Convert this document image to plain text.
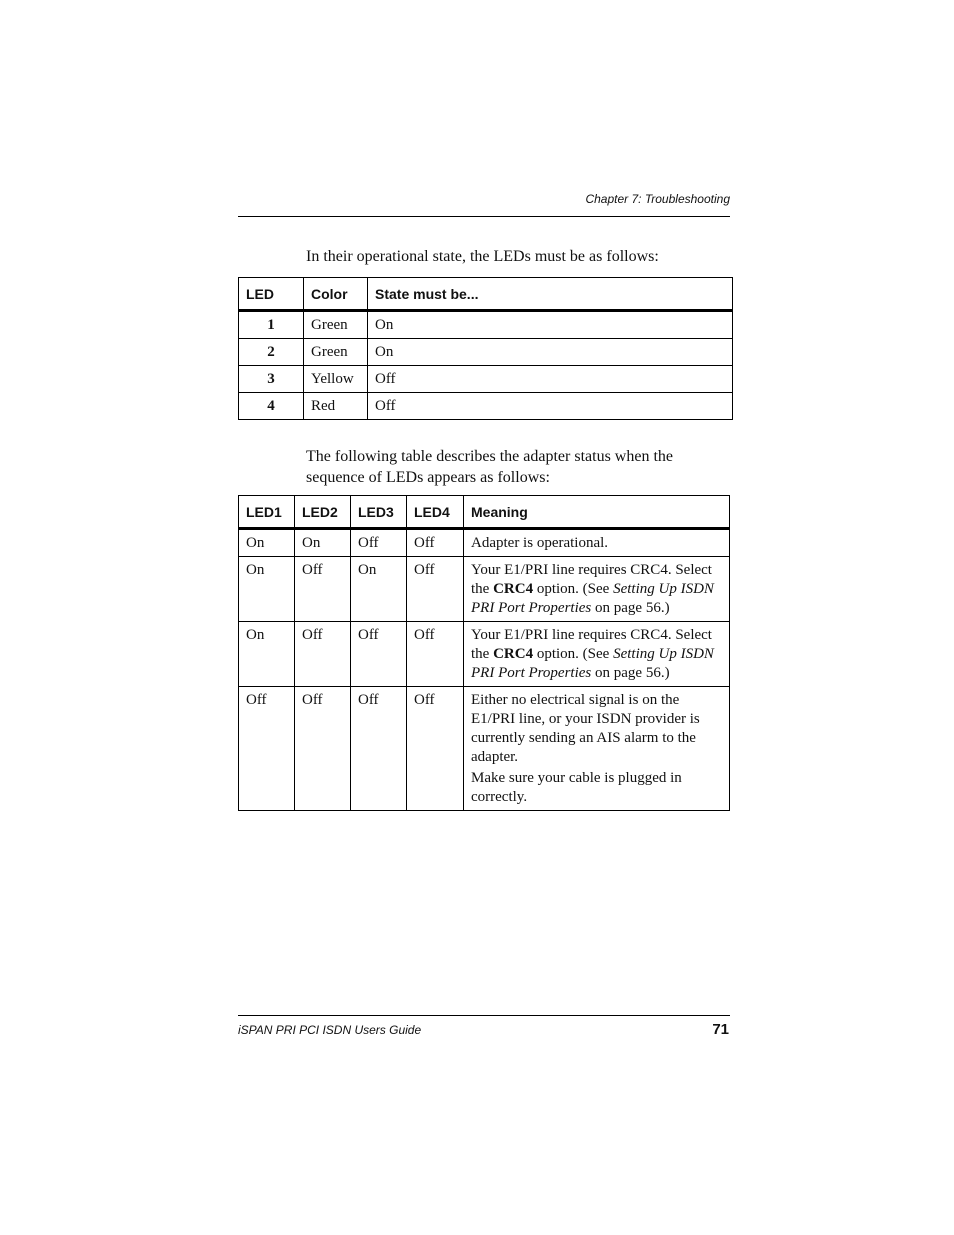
Chapter 7: Troubleshooting
In their operational state, the LEDs must be as follows:
LED	Color	State must be...
1	Green	On
2	Green	On
3	Yellow	Off
4	Red	Off
The following table describes the adapter status when the sequence of LEDs appears as follows:
LED1	LED2	LED3	LED4	Meaning
On	On	Off	Off	Adapter is operational.
On	Off	On	Off	Your E1/PRI line requires CRC4. Select the CRC4 option. (See Setting Up ISDN PRI Port Properties on page 56.)
On	Off	Off	Off	Your E1/PRI line requires CRC4. Select the CRC4 option. (See Setting Up ISDN PRI Port Properties on page 56.)
Off	Off	Off	Off	Either no electrical signal is on the E1/PRI line, or your ISDN provider is currently sending an AIS alarm to the adapter.

Make sure your cable is plugged in correctly.

iSPAN PRI PCI ISDN Users Guide	71
